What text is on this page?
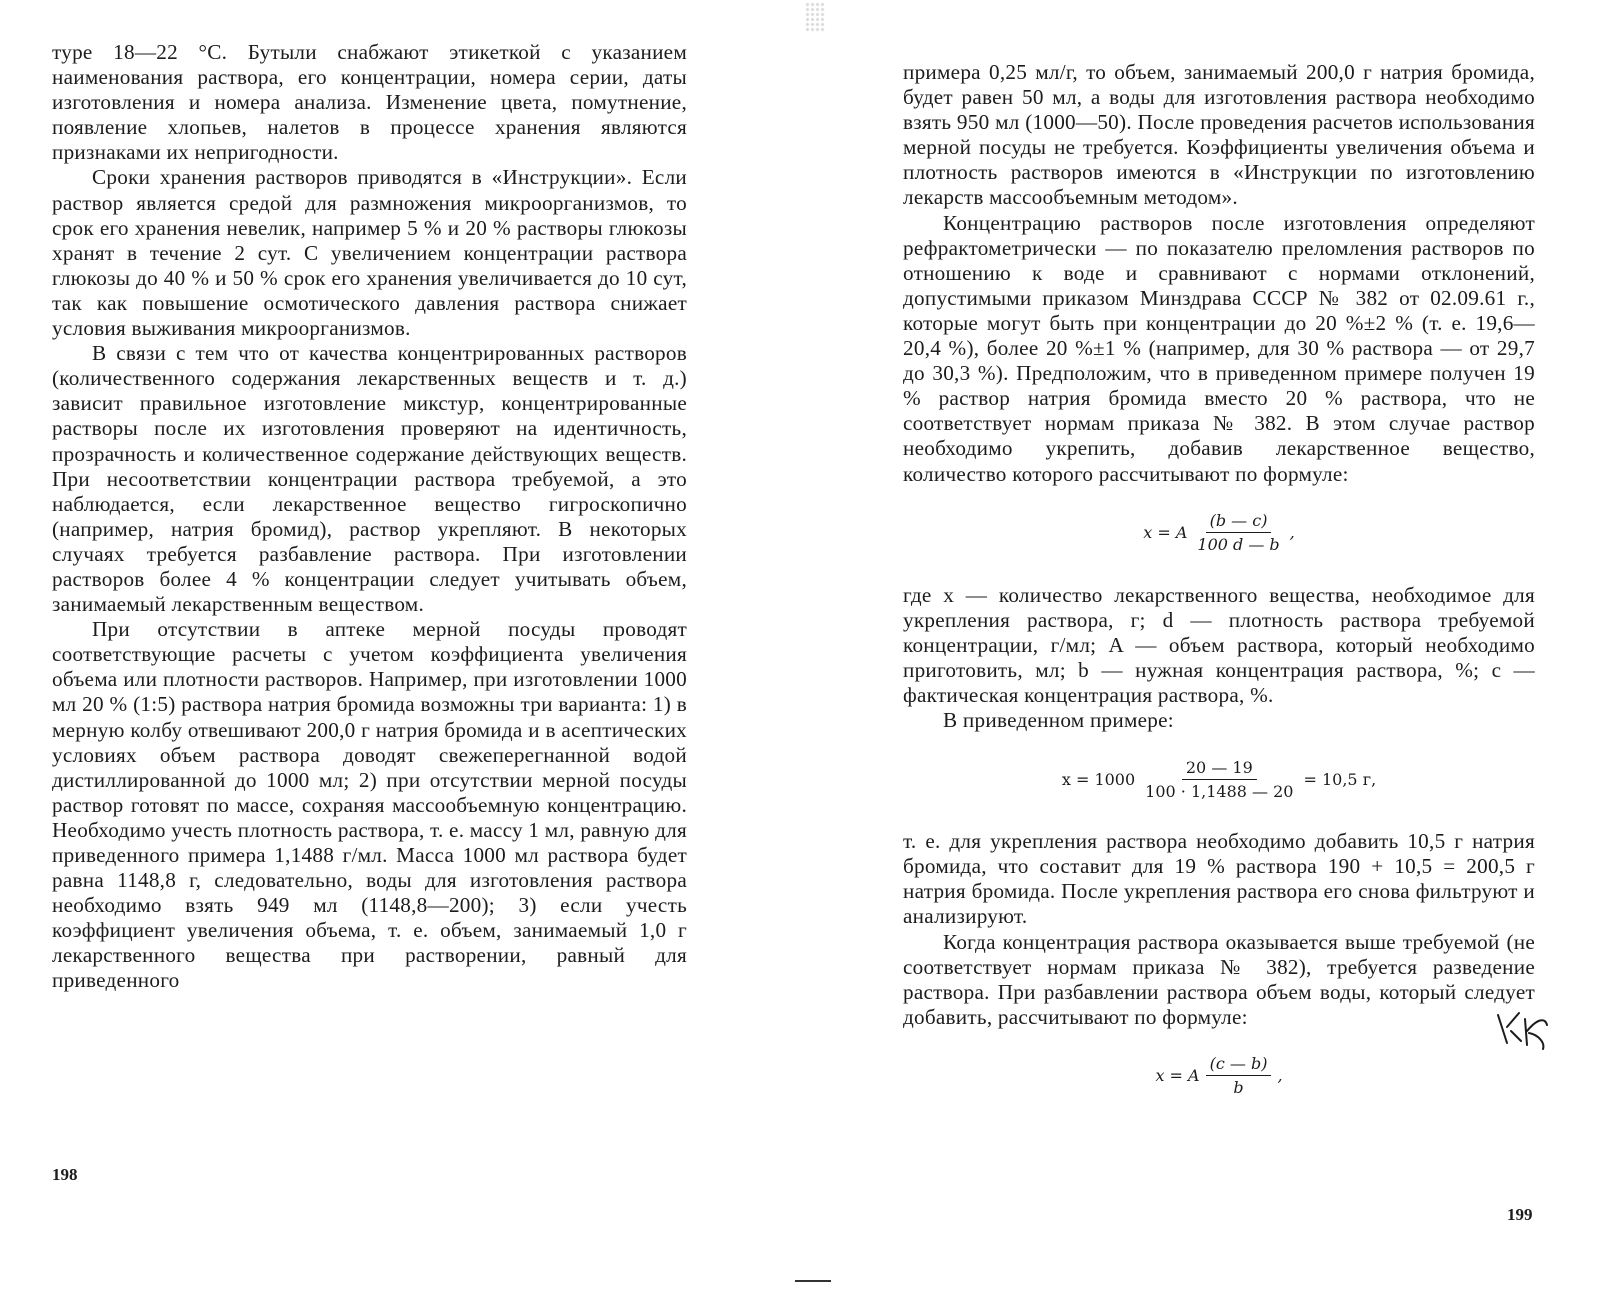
туре 18—22 °С. Бутыли снабжают этикеткой с указанием наименования раствора, его концентрации, номера серии, даты изготовления и номера анализа. Изменение цвета, помутнение, появление хлопьев, налетов в процессе хранения являются признаками их непригодности.

Сроки хранения растворов приводятся в «Инструкции». Если раствор является средой для размножения микроорганизмов, то срок его хранения невелик, например 5 % и 20 % растворы глюкозы хранят в течение 2 сут. С увеличением концентрации раствора глюкозы до 40 % и 50 % срок его хранения увеличивается до 10 сут, так как повышение осмотического давления раствора снижает условия выживания микроорганизмов.

В связи с тем что от качества концентрированных растворов (количественного содержания лекарственных веществ и т. д.) зависит правильное изготовление микстур, концентрированные растворы после их изготовления проверяют на идентичность, прозрачность и количественное содержание действующих веществ. При несоответствии концентрации раствора требуемой, а это наблюдается, если лекарственное вещество гигроскопично (например, натрия бромид), раствор укрепляют. В некоторых случаях требуется разбавление раствора. При изготовлении растворов более 4 % концентрации следует учитывать объем, занимаемый лекарственным веществом.

При отсутствии в аптеке мерной посуды проводят соответствующие расчеты с учетом коэффициента увеличения объема или плотности растворов. Например, при изготовлении 1000 мл 20 % (1:5) раствора натрия бромида возможны три варианта: 1) в мерную колбу отвешивают 200,0 г натрия бромида и в асептических условиях объем раствора доводят свежеперегнанной водой дистиллированной до 1000 мл; 2) при отсутствии мерной посуды раствор готовят по массе, сохраняя массообъемную концентрацию. Необходимо учесть плотность раствора, т. е. массу 1 мл, равную для приведенного примера 1,1488 г/мл. Масса 1000 мл раствора будет равна 1148,8 г, следовательно, воды для изготовления раствора необходимо взять 949 мл (1148,8—200); 3) если учесть коэффициент увеличения объема, т. е. объем, занимаемый 1,0 г лекарственного вещества при растворении, равный для приведенного

198

примера 0,25 мл/г, то объем, занимаемый 200,0 г натрия бромида, будет равен 50 мл, а воды для изготовления раствора необходимо взять 950 мл (1000—50). После проведения расчетов использования мерной посуды не требуется. Коэффициенты увеличения объема и плотность растворов имеются в «Инструкции по изготовлению лекарств массообъемным методом».

Концентрацию растворов после изготовления определяют рефрактометрически — по показателю преломления растворов по отношению к воде и сравнивают с нормами отклонений, допустимыми приказом Минздрава СССР № 382 от 02.09.61 г., которые могут быть при концентрации до 20 %±2 % (т. е. 19,6—20,4 %), более 20 %±1 % (например, для 30 % раствора — от 29,7 до 30,3 %). Предположим, что в приведенном примере получен 19 % раствор натрия бромида вместо 20 % раствора, что не соответствует нормам приказа № 382. В этом случае раствор необходимо укрепить, добавив лекарственное вещество, количество которого рассчитывают по формуле:

x = A $\frac{(b — c)}{100 d — b}$ ,

где x — количество лекарственного вещества, необходимое для укрепления раствора, г; d — плотность раствора требуемой концентрации, г/мл; A — объем раствора, который необходимо приготовить, мл; b — нужная концентрация раствора, %; c — фактическая концентрация раствора, %.

В приведенном примере:

$x = 1000 \frac{20 — 19}{100 \cdot 1,1488 — 20} = 10,5$ г,

т. е. для укрепления раствора необходимо добавить 10,5 г натрия бромида, что составит для 19 % раствора 190 + 10,5 = 200,5 г натрия бромида. После укрепления раствора его снова фильтруют и анализируют.

Когда концентрация раствора оказывается выше требуемой (не соответствует нормам приказа № 382), требуется разведение раствора. При разбавлении раствора объем воды, который следует добавить, рассчитывают по формуле:

x = A $\frac{(c — b)}{b}$ ,
199
